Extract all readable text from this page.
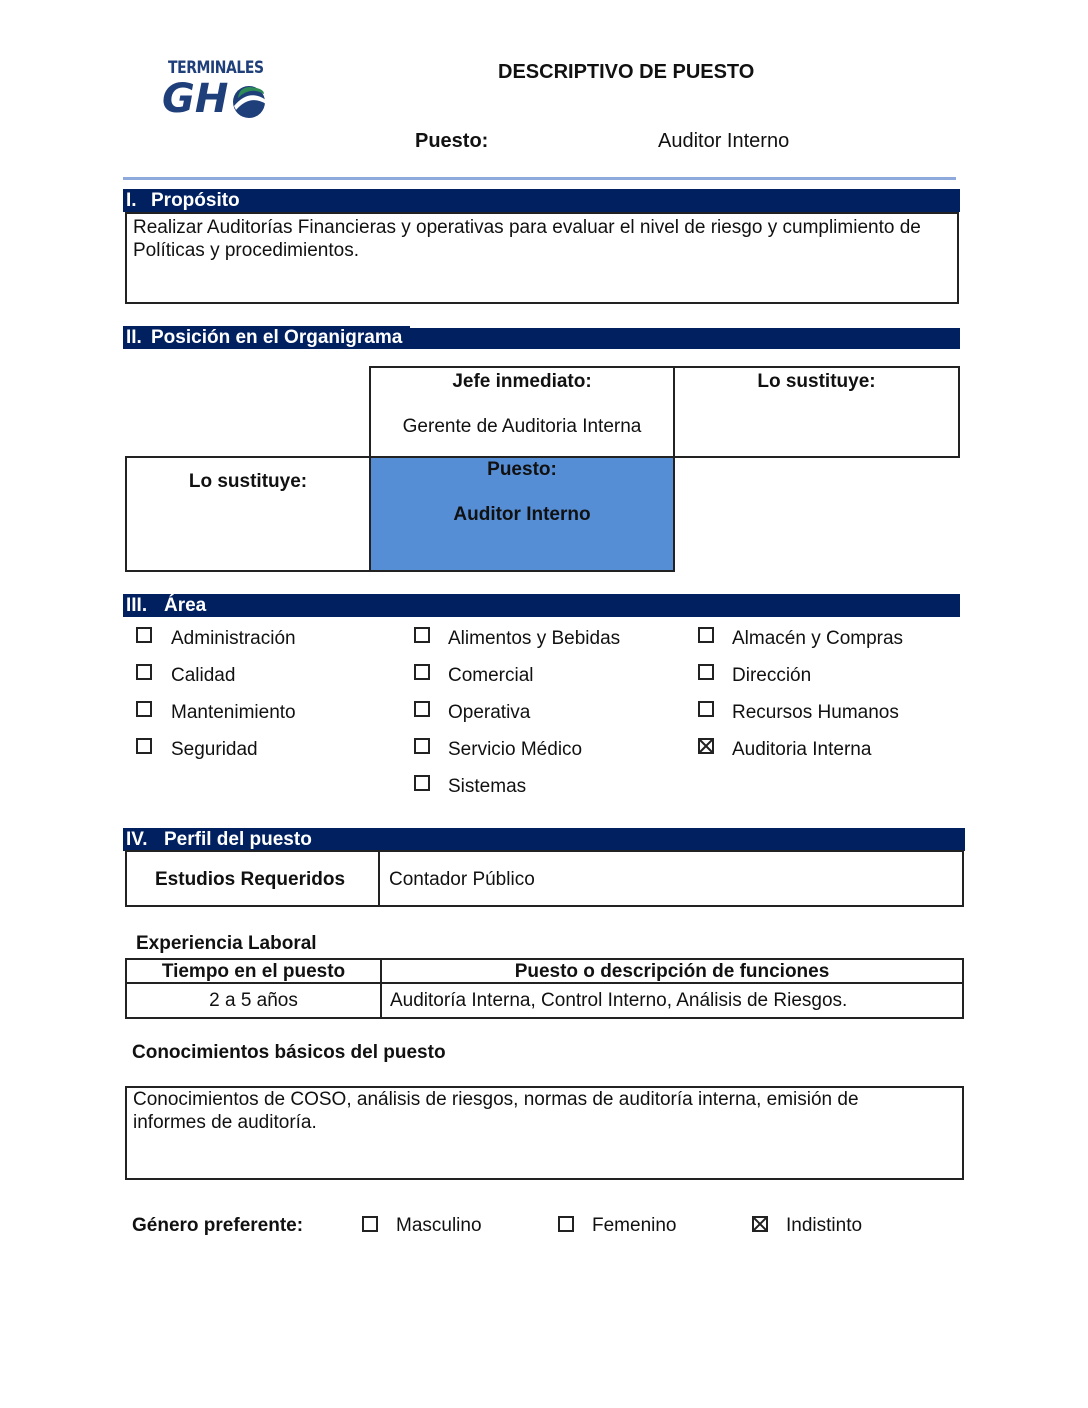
TERMINALES
GH
DESCRIPTIVO DE PUESTO
Puesto:	Auditor Interno
I. Propósito
Realizar Auditorías Financieras y operativas para evaluar el nivel de riesgo y cumplimiento de Políticas y procedimientos.
II. Posición en el Organigrama
Jefe inmediato:
Gerente de Auditoria Interna
Lo sustituye:
Lo sustituye:
Puesto:
Auditor Interno
III. Área
Administración
Calidad
Mantenimiento
Seguridad
Alimentos y Bebidas
Comercial
Operativa
Servicio Médico
Sistemas
Almacén y Compras
Dirección
Recursos Humanos
Auditoria Interna
IV. Perfil del puesto
Estudios Requeridos Contador Público
Experiencia Laboral
Tiempo en el puesto	Puesto o descripción de funciones
2 a 5 años	Auditoría Interna, Control Interno, Análisis de Riesgos.
Conocimientos básicos del puesto
Conocimientos de COSO, análisis de riesgos, normas de auditoría interna, emisión de informes de auditoría.
Género preferente:	Masculino	Femenino	Indistinto
